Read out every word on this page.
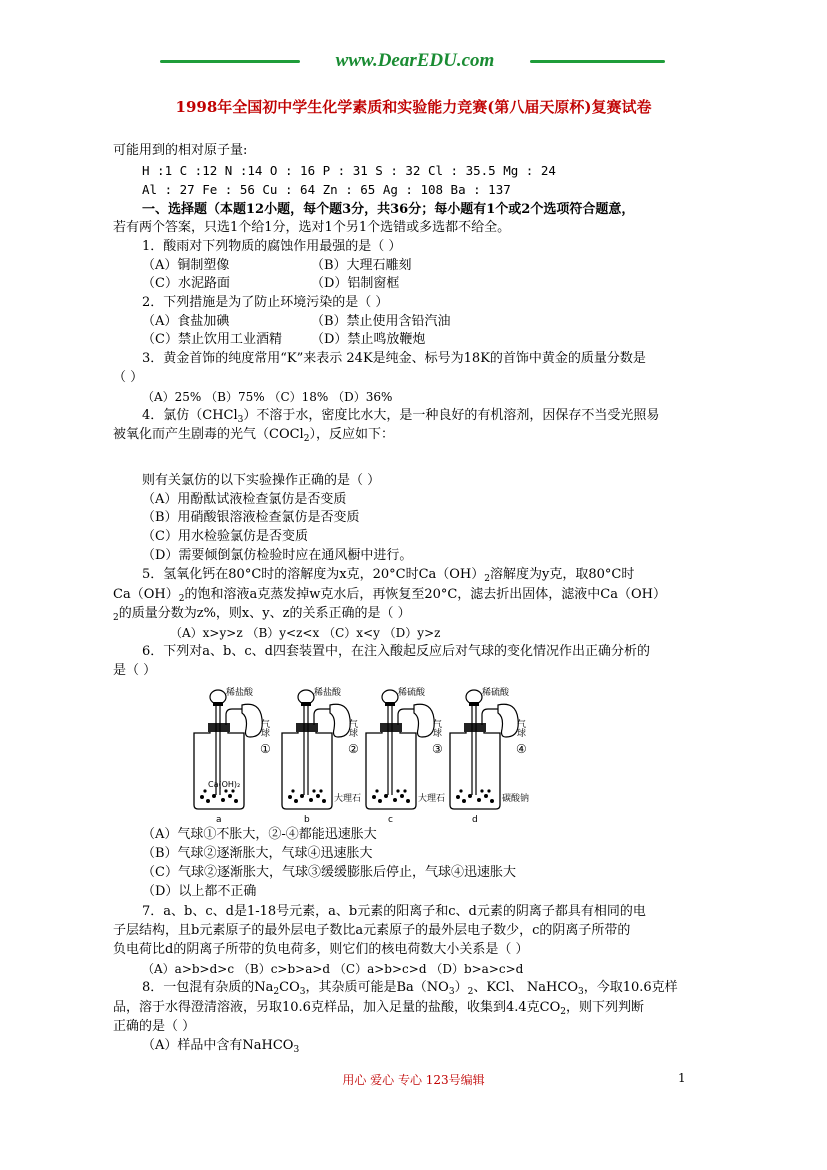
www.DearEDU.com
1998年全国初中学生化学素质和实验能力竞赛(第八届天原杯)复赛试卷
可能用到的相对原子量:
H :1 C :12 N :14 O : 16 P : 31 S : 32 Cl : 35.5 Mg : 24
Al : 27 Fe : 56 Cu : 64 Zn : 65 Ag : 108 Ba : 137
一、选择题（本题12小题，每个题3分，共36分；每小题有1个或2个选项符合题意，
若有两个答案，只选1个给1分，选对1个另1个选错或多选都不给全。
1．酸雨对下列物质的腐蚀作用最强的是（ ）
（A）铜制塑像	（B）大理石雕刻
（C）水泥路面	（D）铝制窗框
2．下列措施是为了防止环境污染的是（ ）
（A）食盐加碘	（B）禁止使用含铅汽油
（C）禁止饮用工业酒精 （D）禁止鸣放鞭炮
3．黄金首饰的纯度常用“K”来表示 24K是纯金、标号为18K的首饰中黄金的质量分数是
（ ）
（A）25% （B）75% （C）18% （D）36%
4．氯仿（CHCl$_3$）不溶于水，密度比水大，是一种良好的有机溶剂，因保存不当受光照易
被氧化而产生剧毒的光气（COCl$_2$），反应如下：
则有关氯仿的以下实验操作正确的是（ ）
（A）用酚酞试液检查氯仿是否变质
（B）用硝酸银溶液检查氯仿是否变质
（C）用水检验氯仿是否变质
（D）需要倾倒氯仿检验时应在通风橱中进行。
5．氢氧化钙在80°C时的溶解度为x克，20°C时$Ca(OH)_2$溶解度为y克，取80°C时
$Ca(OH)_2$的饱和溶液a克蒸发掉w克水后，再恢复至20°C，滤去折出固体，滤液中Ca（OH）
$_2$的质量分数为z%，则x、y、z的关系正确的是（ ）
（A）x>y>z （B）y<z<x （C）x<y （D）y>z
6．下列对a、b、c、d四套装置中，在注入酸起反应后对气球的变化情况作出正确分析的
是（ ）
稀盐酸	稀盐酸	稀硫酸	稀硫酸
气球	气球	气球	气球
①	②	③	④
Ca(OH)₂
大理石	大理石	碳酸钠
a	b	c	d
（A）气球①不胀大，②-④都能迅速胀大
（B）气球②逐渐胀大，气球④迅速胀大
（C）气球②逐渐胀大，气球③缓缓膨胀后停止，气球④迅速胀大
（D）以上都不正确
7．a、b、c、d是1-18号元素，a、b元素的阳离子和c、d元素的阴离子都具有相同的电
子层结构，且b元素原子的最外层电子数比a元素原子的最外层电子数少，c的阴离子所带的
负电荷比d的阴离子所带的负电荷多，则它们的核电荷数大小关系是（ ）
（A）a>b>d>c （B）c>b>a>d （C）a>b>c>d （D）b>a>c>d
8．一包混有杂质的$Na_2CO_3$，其杂质可能是$Ba(NO_3)_2$、KCl、 NaHCO$_3$，今取10.6克样
品，溶于水得澄清溶液，另取10.6克样品，加入足量的盐酸，收集到4.4克$CO_2$，则下列判断
正确的是（ ）
（A）样品中含有NaHCO$_3$
用心 爱心 专心 123号编辑	1
